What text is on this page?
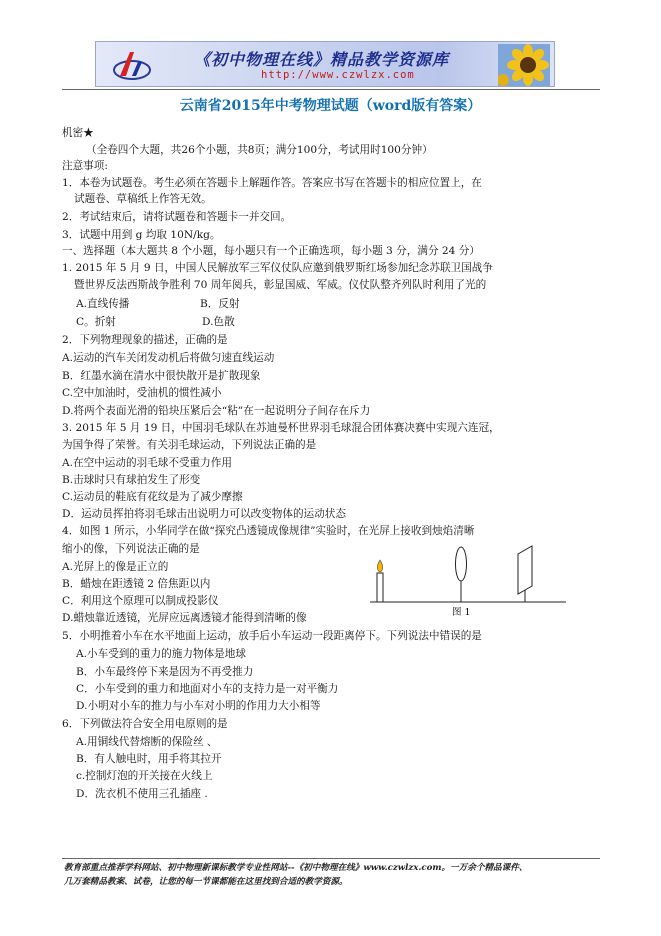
《初中物理在线》精品教学资源库
http://www.czwlzx.com
云南省2015年中考物理试题（word版有答案）
机密★
（全卷四个大题，共26个小题，共8页；满分100分，考试用时100分钟）
注意事项:
1．本卷为试题卷。考生必须在答题卡上解题作答。答案应书写在答题卡的相应位置上，在
试题卷、草稿纸上作答无效。
2．考试结束后，请将试题卷和答题卡一并交回。
3．试题中用到 g 均取 10N/kg。
一、选择题（本大题共 8 个小题，每小题只有一个正确选项，每小题 3 分，满分 24 分）
1. 2015 年 5 月 9 日，中国人民解放军三军仪仗队应邀到俄罗斯红场参加纪念苏联卫国战争
暨世界反法西斯战争胜利 70 周年阅兵，彰显国威、军威。仪仗队整齐列队时利用了光的
A.直线传播	B．反射
C。折射	D.色散
2．下列物理现象的描述，正确的是
A.运动的汽车关闭发动机后将做匀速直线运动
B．红墨水滴在清水中很快散开是扩散现象
C.空中加油时，受油机的惯性减小
D.将两个表面光滑的铅块压紧后会“粘”在一起说明分子间存在斥力
3. 2015 年 5 月 19 日，中国羽毛球队在苏迪曼杯世界羽毛球混合团体赛决赛中实现六连冠，
为国争得了荣誉。有关羽毛球运动，下列说法正确的是
A.在空中运动的羽毛球不受重力作用
B.击球时只有球拍发生了形变
C.运动员的鞋底有花纹是为了减少摩擦
D．运动员挥拍将羽毛球击出说明力可以改变物体的运动状态
4．如图 1 所示，小华同学在做“探究凸透镜成像规律”实验时，在光屏上接收到烛焰清晰
缩小的像，下列说法正确的是
A.光屏上的像是正立的
B．蜡烛在距透镜 2 倍焦距以内
C．利用这个原理可以制成投影仪
D.蜡烛靠近透镜，光屏应远离透镜才能得到清晰的像	图 1
5．小明推着小车在水平地面上运动，放手后小车运动一段距离停下。下列说法中错误的是
A.小车受到的重力的施力物体是地球
B．小车最终停下来是因为不再受推力
C．小车受到的重力和地面对小车的支持力是一对平衡力
D.小明对小车的推力与小车对小明的作用力大小相等
6．下列做法符合安全用电原则的是
A.用铜线代替熔断的保险丝 、
B．有人触电时，用手将其拉开
c.控制灯泡的开关接在火线上
D．洗衣机不使用三孔插座 .
教育部重点推荐学科网站、初中物理新课标教学专业性网站--《初中物理在线》www.czwlzx.com。一万余个精品课件、
几万套精品教案、试卷，让您的每一节课都能在这里找到合适的教学资源。
